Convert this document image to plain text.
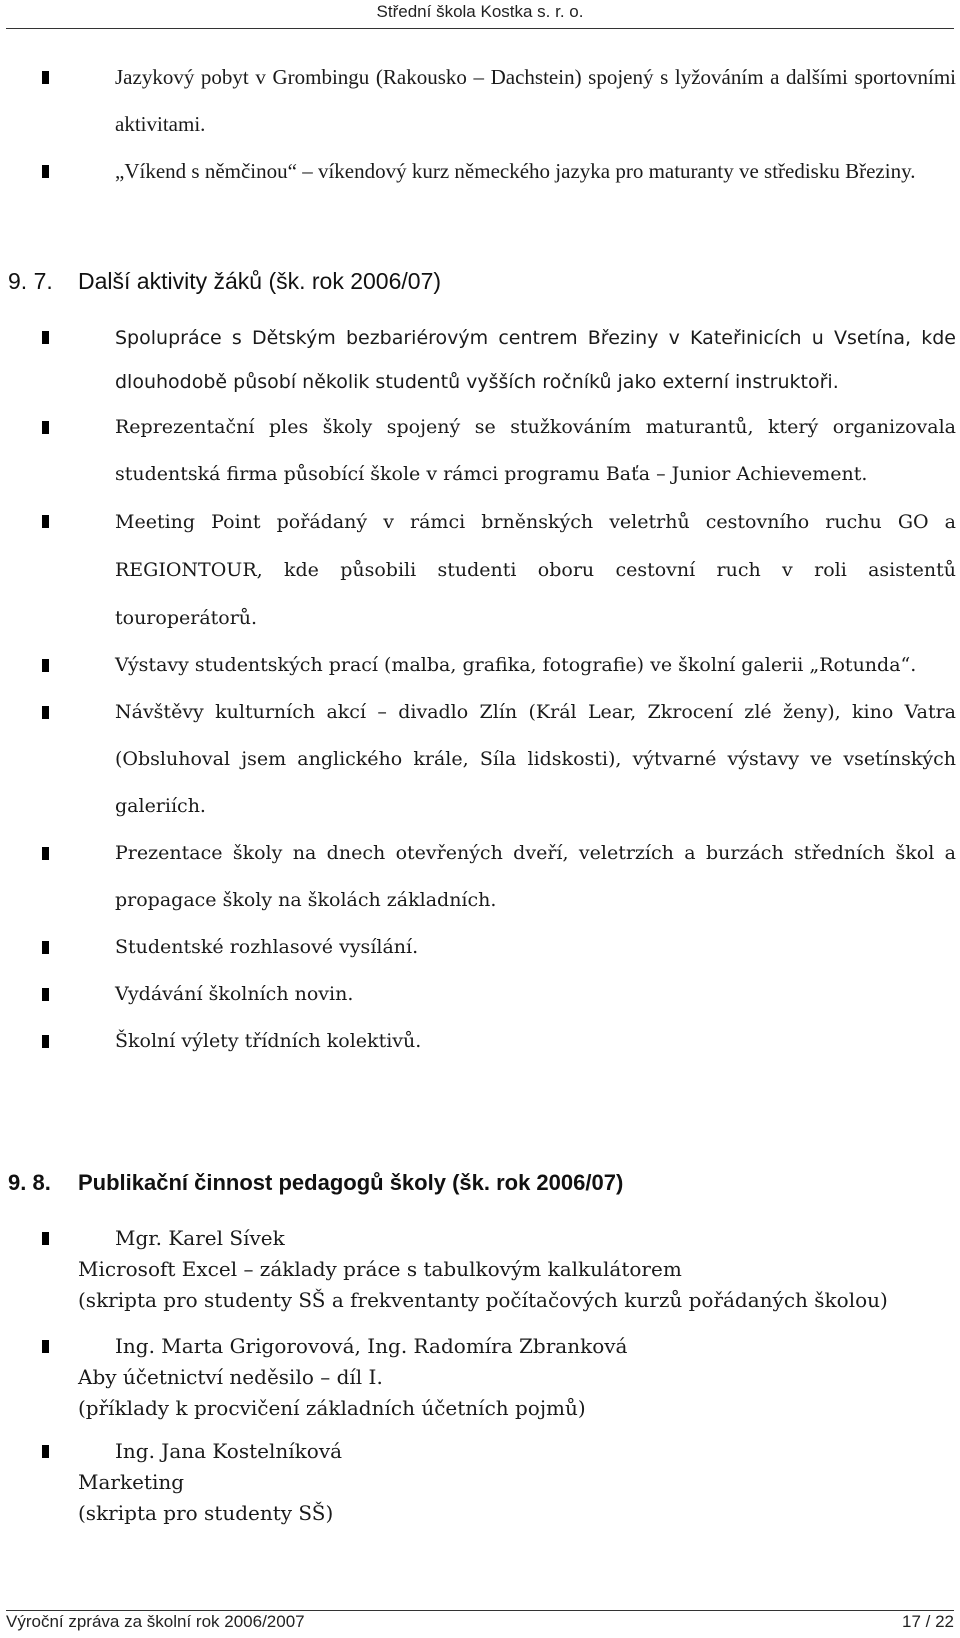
Střední škola Kostka s. r. o.
Jazykový pobyt v Grombingu (Rakousko – Dachstein) spojený s lyžováním a dalšími sportovními aktivitami.
„Víkend s němčinou“ – víkendový kurz německého jazyka pro maturanty ve středisku Březiny.
9. 7. Další aktivity žáků (šk. rok 2006/07)
Spolupráce s Dětským bezbariérovým centrem Březiny v Kateřinicích u Vsetína, kde dlouhodobě působí několik studentů vyšších ročníků jako externí instruktoři.
Reprezentační ples školy spojený se stužkováním maturantů, který organizovala studentská firma působící škole v rámci programu Baťa – Junior Achievement.
Meeting Point pořádaný v rámci brněnských veletrhů cestovního ruchu GO a REGIONTOUR, kde působili studenti oboru cestovní ruch v roli asistentů touroperátorů.
Výstavy studentských prací (malba, grafika, fotografie) ve školní galerii „Rotunda“.
Návštěvy kulturních akcí – divadlo Zlín (Král Lear, Zkrocení zlé ženy), kino Vatra (Obsluhoval jsem anglického krále, Síla lidskosti), výtvarné výstavy ve vsetínských galeriích.
Prezentace školy na dnech otevřených dveří, veletrzích a burzách středních škol a propagace školy na školách základních.
Studentské rozhlasové vysílání.
Vydávání školních novin.
Školní výlety třídních kolektivů.
9. 8. Publikační činnost pedagogů školy (šk. rok 2006/07)
Mgr. Karel Sívek
Microsoft Excel – základy práce s tabulkovým kalkulátorem
(skripta pro studenty SŠ a frekventanty počítačových kurzů pořádaných školou)
Ing. Marta Grigorovová, Ing. Radomíra Zbranková
Aby účetnictví neděsilo – díl I.
(příklady k procvičení základních účetních pojmů)
Ing. Jana Kostelníková
Marketing
(skripta pro studenty SŠ)
Výroční zpráva za školní rok 2006/2007	17 / 22
